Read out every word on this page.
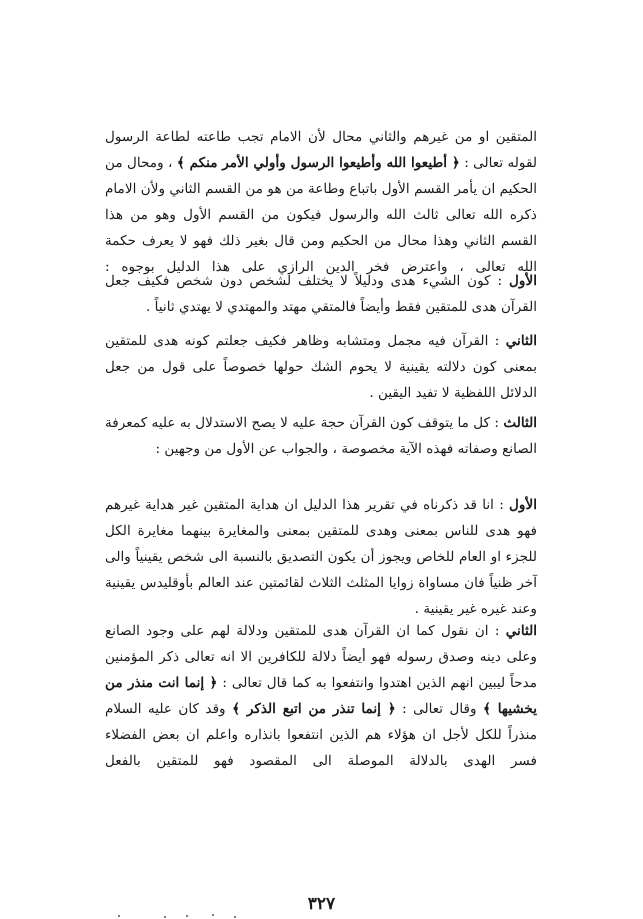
المتقين او من غيرهم والثاني محال لأن الامام تجب طاعته لطاعة الرسول لقوله تعالى : ﴿ أطيعوا الله وأطيعوا الرسول وأولي الأمر منكم ﴾ ، ومحال من الحكيم ان يأمر القسم الأول باتباع وطاعة من هو من القسم الثاني ولأن الامام ذكره الله تعالى ثالث الله والرسول فيكون من القسم الأول وهو من هذا القسم الثاني وهذا محال من الحكيم ومن قال بغير ذلك فهو لا يعرف حكمة الله تعالى ، واعترض فخر الدين الرازي على هذا الدليل بوجوه :

الأول : كون الشيء هدى ودليلاً لا يختلف لشخص دون شخص فكيف جعل القرآن هدى للمتقين فقط وأيضاً فالمتقي مهتد والمهتدي لا يهتدي ثانياً .

الثاني : القرآن فيه مجمل ومتشابه وظاهر فكيف جعلتم كونه هدى للمتقين بمعنى كون دلالته يقينية لا يحوم الشك حولها خصوصاً على قول من جعل الدلائل اللفظية لا تفيد اليقين .

الثالث : كل ما يتوقف كون القرآن حجة عليه لا يصح الاستدلال به عليه كمعرفة الصانع وصفاته فهذه الآية مخصوصة ، والجواب عن الأول من وجهين :

الأول : انا قد ذكرناه في تقرير هذا الدليل ان هداية المتقين غير هداية غيرهم فهو هدى للناس بمعنى وهدى للمتقين بمعنى والمغايرة بينهما مغايرة الكل للجزء او العام للخاص ويجوز أن يكون التصديق بالنسبة الى شخص يقينياً والى آخر ظنياً فان مساواة زوايا المثلث الثلاث لقائمتين عند العالم بأوقليدس يقينية وعند غيره غير يقينية .

الثاني : ان نقول كما ان القرآن هدى للمتقين ودلالة لهم على وجود الصانع وعلى دينه وصدق رسوله فهو أيضاً دلالة للكافرين الا انه تعالى ذكر المؤمنين مدحاً ليبين انهم الذين اهتدوا وانتفعوا به كما قال تعالى : ﴿ إنما انت منذر من يخشيها ﴾ وقال تعالى : ﴿ إنما تنذر من اتبع الذكر ﴾ وقد كان عليه السلام منذراً للكل لأجل ان هؤلاء هم الذين انتفعوا بانذاره واعلم ان بعض الفضلاء فسر الهدى بالدلالة الموصلة الى المقصود فهو للمتقين بالفعل

٣٢٧
